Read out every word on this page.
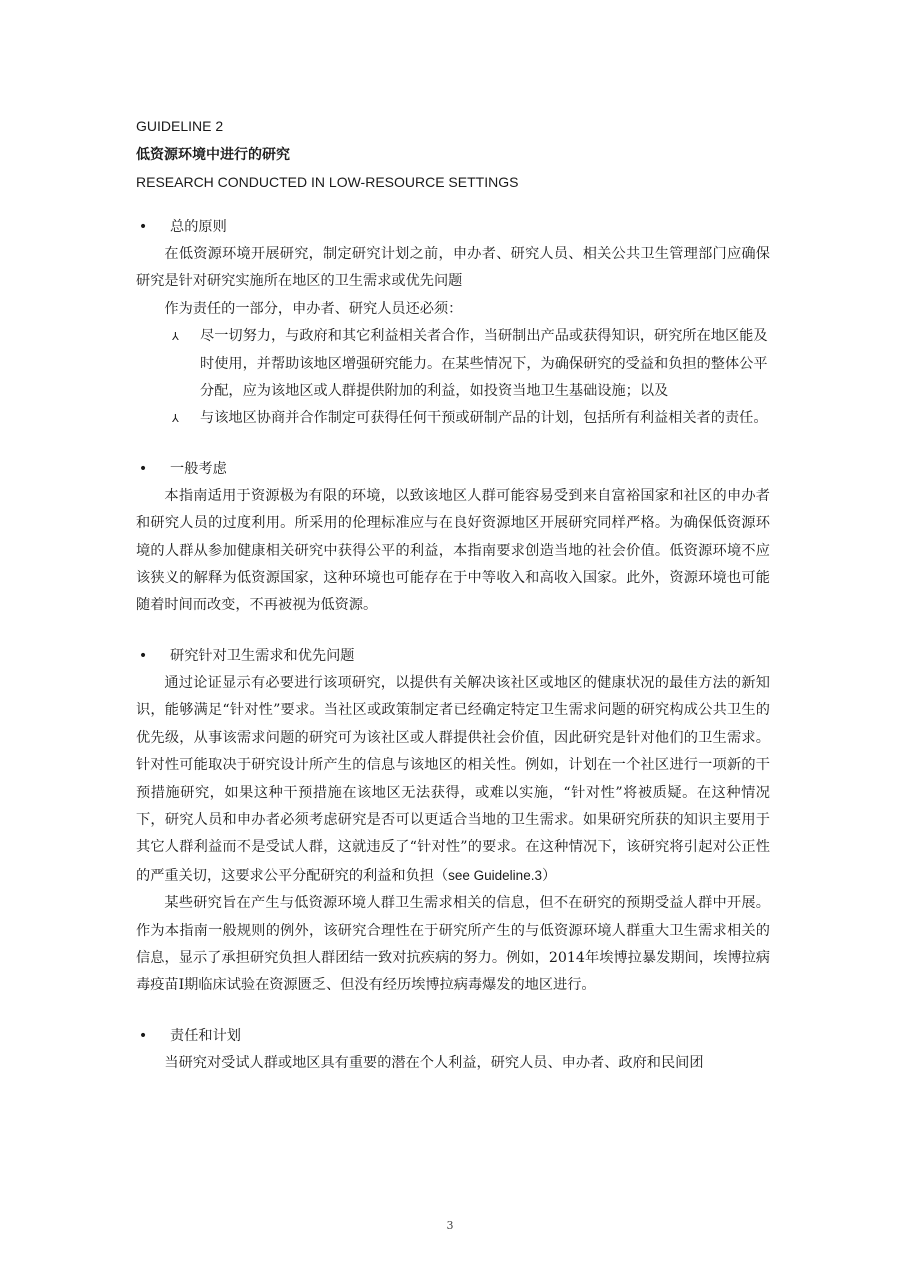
GUIDELINE 2
低资源环境中进行的研究
RESEARCH CONDUCTED IN LOW-RESOURCE SETTINGS
• 总的原则
在低资源环境开展研究，制定研究计划之前，申办者、研究人员、相关公共卫生管理部门应确保研究是针对研究实施所在地区的卫生需求或优先问题
作为责任的一部分，申办者、研究人员还必须：
⅄ 尽一切努力，与政府和其它利益相关者合作，当研制出产品或获得知识，研究所在地区能及时使用，并帮助该地区增强研究能力。在某些情况下，为确保研究的受益和负担的整体公平分配，应为该地区或人群提供附加的利益，如投资当地卫生基础设施；以及
⅄ 与该地区协商并合作制定可获得任何干预或研制产品的计划，包括所有利益相关者的责任。
• 一般考虑
本指南适用于资源极为有限的环境，以致该地区人群可能容易受到来自富裕国家和社区的申办者和研究人员的过度利用。所采用的伦理标准应与在良好资源地区开展研究同样严格。为确保低资源环境的人群从参加健康相关研究中获得公平的利益，本指南要求创造当地的社会价值。低资源环境不应该狭义的解释为低资源国家，这种环境也可能存在于中等收入和高收入国家。此外，资源环境也可能随着时间而改变，不再被视为低资源。
• 研究针对卫生需求和优先问题
通过论证显示有必要进行该项研究，以提供有关解决该社区或地区的健康状况的最佳方法的新知识，能够满足“针对性”要求。当社区或政策制定者已经确定特定卫生需求问题的研究构成公共卫生的优先级，从事该需求问题的研究可为该社区或人群提供社会价值，因此研究是针对他们的卫生需求。针对性可能取决于研究设计所产生的信息与该地区的相关性。例如，计划在一个社区进行一项新的干预措施研究，如果这种干预措施在该地区无法获得，或难以实施，“针对性”将被质疑。在这种情况下，研究人员和申办者必须考虑研究是否可以更适合当地的卫生需求。如果研究所获的知识主要用于其它人群利益而不是受试人群，这就违反了“针对性”的要求。在这种情况下，该研究将引起对公正性的严重关切，这要求公平分配研究的利益和负担（see Guideline.3）
某些研究旨在产生与低资源环境人群卫生需求相关的信息，但不在研究的预期受益人群中开展。作为本指南一般规则的例外，该研究合理性在于研究所产生的与低资源环境人群重大卫生需求相关的信息，显示了承担研究负担人群团结一致对抗疾病的努力。例如，2014年埃博拉暴发期间，埃博拉病毒疫苗Ⅰ期临床试验在资源匮乏、但没有经历埃博拉病毒爆发的地区进行。
• 责任和计划
当研究对受试人群或地区具有重要的潜在个人利益，研究人员、申办者、政府和民间团
3
